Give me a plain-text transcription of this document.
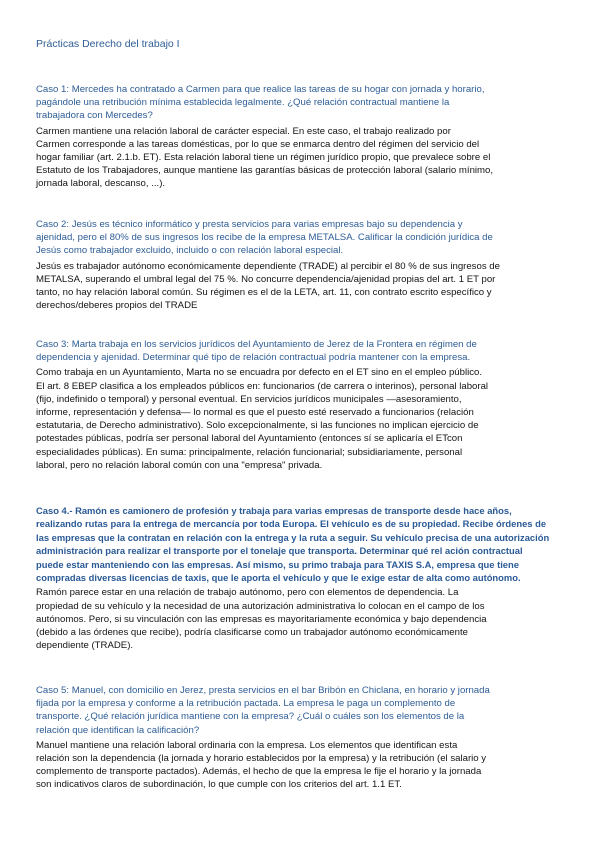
Prácticas Derecho del trabajo I

Caso 1: Mercedes ha contratado a Carmen para que realice las tareas de su hogar con jornada y horario,
pagándole una retribución mínima establecida legalmente. ¿Qué relación contractual mantiene la
trabajadora con Mercedes?

Carmen mantiene una relación laboral de carácter especial. En este caso, el trabajo realizado por
Carmen corresponde a las tareas domésticas, por lo que se enmarca dentro del régimen del servicio del
hogar familiar (art. 2.1.b. ET). Esta relación laboral tiene un régimen jurídico propio, que prevalece sobre el
Estatuto de los Trabajadores, aunque mantiene las garantías básicas de protección laboral (salario mínimo,
jornada laboral, descanso, ...).

Caso 2: Jesús es técnico informático y presta servicios para varias empresas bajo su dependencia y
ajenidad, pero el 80% de sus ingresos los recibe de la empresa METALSA. Calificar la condición jurídica de
Jesús como trabajador excluido, incluido o con relación laboral especial.

Jesús es trabajador autónomo económicamente dependiente (TRADE) al percibir el 80 % de sus ingresos de
METALSA, superando el umbral legal del 75 %. No concurre dependencia/ajenidad propias del art. 1 ET por
tanto, no hay relación laboral común. Su régimen es el de la LETA, art. 11, con contrato escrito específico y
derechos/deberes propios del TRADE

Caso 3: Marta trabaja en los servicios jurídicos del Ayuntamiento de Jerez de la Frontera en régimen de
dependencia y ajenidad. Determinar qué tipo de relación contractual podría mantener con la empresa.

Como trabaja en un Ayuntamiento, Marta no se encuadra por defecto en el ET sino en el empleo público.
El art. 8 EBEP clasifica a los empleados públicos en: funcionarios (de carrera o interinos), personal laboral
(fijo, indefinido o temporal) y personal eventual. En servicios jurídicos municipales —asesoramiento,
informe, representación y defensa— lo normal es que el puesto esté reservado a funcionarios (relación
estatutaria, de Derecho administrativo). Solo excepcionalmente, si las funciones no implican ejercicio de
potestades públicas, podría ser personal laboral del Ayuntamiento (entonces sí se aplicaría el ETcon
especialidades públicas). En suma: principalmente, relación funcionarial; subsidiariamente, personal
laboral, pero no relación laboral común con una "empresa" privada.

Caso 4.- Ramón es camionero de profesión y trabaja para varias empresas de transporte desde hace años,
realizando rutas para la entrega de mercancía por toda Europa. El vehículo es de su propiedad. Recibe órdenes de
las empresas que la contratan en relación con la entrega y la ruta a seguir. Su vehículo precisa de una autorización
administración para realizar el transporte por el tonelaje que transporta. Determinar qué rel ación contractual
puede estar manteniendo con las empresas. Así mismo, su primo trabaja para TAXIS S.A, empresa que tiene
compradas diversas licencias de taxis, que le aporta el vehículo y que le exige estar de alta como autónomo.

Ramón parece estar en una relación de trabajo autónomo, pero con elementos de dependencia. La
propiedad de su vehículo y la necesidad de una autorización administrativa lo colocan en el campo de los
autónomos. Pero, si su vinculación con las empresas es mayoritariamente económica y bajo dependencia
(debido a las órdenes que recibe), podría clasificarse como un trabajador autónomo económicamente
dependiente (TRADE).

Caso 5: Manuel, con domicilio en Jerez, presta servicios en el bar Bribón en Chiclana, en horario y jornada
fijada por la empresa y conforme a la retribución pactada. La empresa le paga un complemento de
transporte. ¿Qué relación jurídica mantiene con la empresa? ¿Cuál o cuáles son los elementos de la
relación que identifican la calificación?

Manuel mantiene una relación laboral ordinaria con la empresa. Los elementos que identifican esta
relación son la dependencia (la jornada y horario establecidos por la empresa) y la retribución (el salario y
complemento de transporte pactados). Además, el hecho de que la empresa le fije el horario y la jornada
son indicativos claros de subordinación, lo que cumple con los criterios del art. 1.1 ET.
